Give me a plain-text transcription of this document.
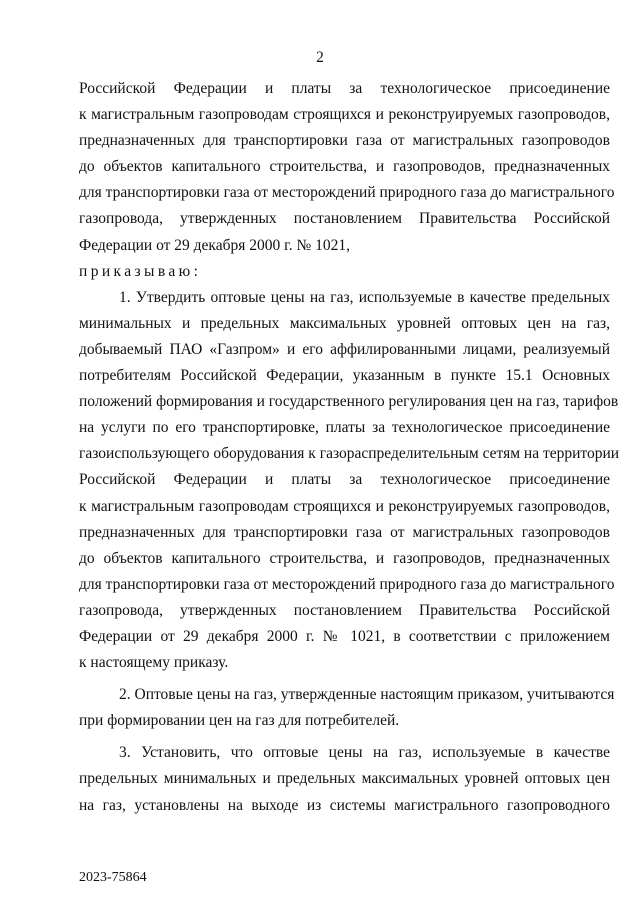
2
Российской Федерации и платы за технологическое присоединение
к магистральным газопроводам строящихся и реконструируемых газопроводов,
предназначенных для транспортировки газа от магистральных газопроводов
до объектов капитального строительства, и газопроводов, предназначенных
для транспортировки газа от месторождений природного газа до магистрального
газопровода, утвержденных постановлением Правительства Российской
Федерации от 29 декабря 2000 г. № 1021,
приказываю:
1. Утвердить оптовые цены на газ, используемые в качестве предельных
минимальных и предельных максимальных уровней оптовых цен на газ,
добываемый ПАО «Газпром» и его аффилированными лицами, реализуемый
потребителям Российской Федерации, указанным в пункте 15.1 Основных
положений формирования и государственного регулирования цен на газ, тарифов
на услуги по его транспортировке, платы за технологическое присоединение
газоиспользующего оборудования к газораспределительным сетям на территории
Российской Федерации и платы за технологическое присоединение
к магистральным газопроводам строящихся и реконструируемых газопроводов,
предназначенных для транспортировки газа от магистральных газопроводов
до объектов капитального строительства, и газопроводов, предназначенных
для транспортировки газа от месторождений природного газа до магистрального
газопровода, утвержденных постановлением Правительства Российской
Федерации от 29 декабря 2000 г. № 1021, в соответствии с приложением
к настоящему приказу.
2. Оптовые цены на газ, утвержденные настоящим приказом, учитываются
при формировании цен на газ для потребителей.
3. Установить, что оптовые цены на газ, используемые в качестве
предельных минимальных и предельных максимальных уровней оптовых цен
на газ, установлены на выходе из системы магистрального газопроводного
2023-75864
